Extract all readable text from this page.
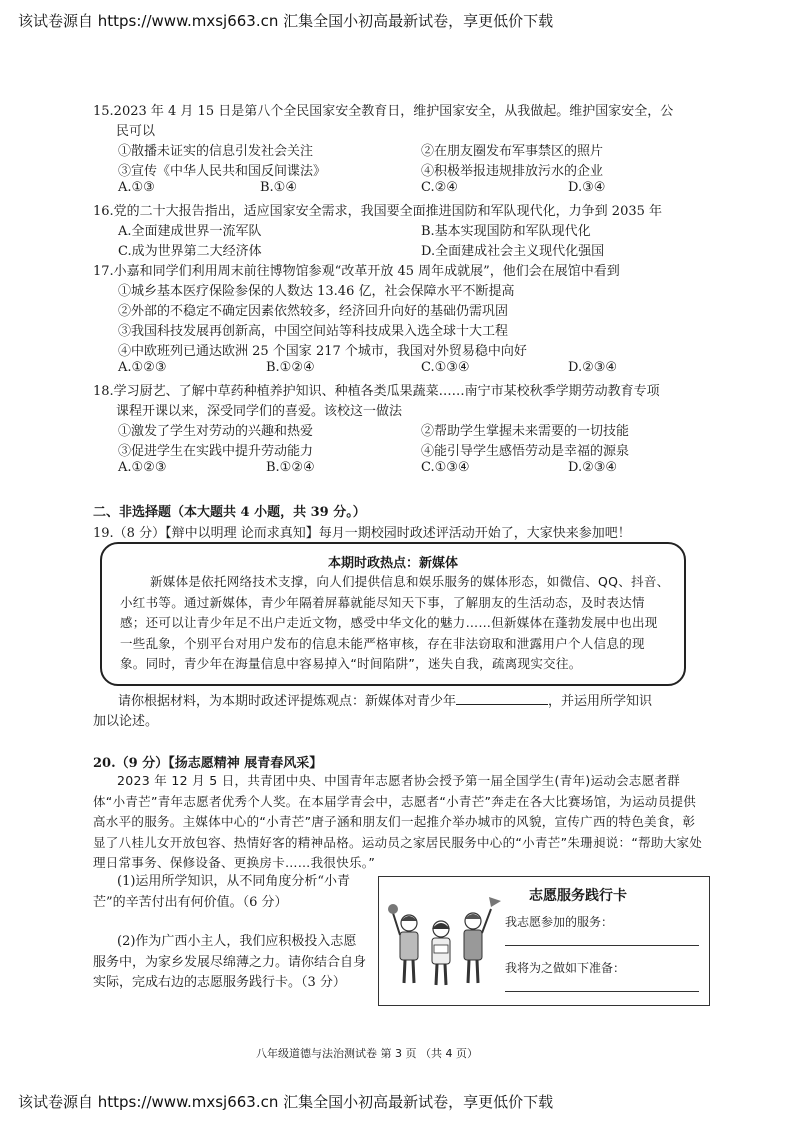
该试卷源自 https://www.mxsj663.cn 汇集全国小初高最新试卷，享更低价下载
15.2023 年 4 月 15 日是第八个全民国家安全教育日，维护国家安全，从我做起。维护国家安全，公
民可以
①散播未证实的信息引发社会关注	②在朋友圈发布军事禁区的照片
③宣传《中华人民共和国反间谍法》	④积极举报违规排放污水的企业
A.①③	B.①④	C.②④	D.③④
16.党的二十大报告指出，适应国家安全需求，我国要全面推进国防和军队现代化，力争到 2035 年
A.全面建成世界一流军队	B.基本实现国防和军队现代化
C.成为世界第二大经济体	D.全面建成社会主义现代化强国
17.小嘉和同学们利用周末前往博物馆参观“改革开放 45 周年成就展”，他们会在展馆中看到
①城乡基本医疗保险参保的人数达 13.46 亿，社会保障水平不断提高
②外部的不稳定不确定因素依然较多，经济回升向好的基础仍需巩固
③我国科技发展再创新高，中国空间站等科技成果入选全球十大工程
④中欧班列已通达欧洲 25 个国家 217 个城市，我国对外贸易稳中向好
A.①②③	B.①②④	C.①③④	D.②③④
18.学习厨艺、了解中草药种植养护知识、种植各类瓜果蔬菜……南宁市某校秋季学期劳动教育专项
课程开课以来，深受同学们的喜爱。该校这一做法
①激发了学生对劳动的兴趣和热爱	②帮助学生掌握未来需要的一切技能
③促进学生在实践中提升劳动能力	④能引导学生感悟劳动是幸福的源泉
A.①②③	B.①②④	C.①③④	D.②③④
二、非选择题（本大题共 4 小题，共 39 分。）
19.（8 分）【辩中以明理 论而求真知】每月一期校园时政述评活动开始了，大家快来参加吧！
本期时政热点：新媒体
新媒体是依托网络技术支撑，向人们提供信息和娱乐服务的媒体形态，如微信、QQ、抖音、小红书等。通过新媒体，青少年隔着屏幕就能尽知天下事，了解朋友的生活动态，及时表达情感；还可以让青少年足不出户走近文物，感受中华文化的魅力……但新媒体在蓬勃发展中也出现一些乱象，个别平台对用户发布的信息未能严格审核，存在非法窃取和泄露用户个人信息的现象。同时，青少年在海量信息中容易掉入“时间陷阱”，迷失自我，疏离现实交往。
请你根据材料，为本期时政述评提炼观点：新媒体对青少年	，并运用所学知识
加以论述。
20.（9 分）【扬志愿精神 展青春风采】
2023 年 12 月 5 日，共青团中央、中国青年志愿者协会授予第一届全国学生(青年)运动会志愿者群体“小青芒”青年志愿者优秀个人奖。在本届学青会中，志愿者“小青芒”奔走在各大比赛场馆，为运动员提供高水平的服务。主媒体中心的“小青芒”唐子涵和朋友们一起推介举办城市的风貌，宣传广西的特色美食，彰显了八桂儿女开放包容、热情好客的精神品格。运动员之家居民服务中心的“小青芒”朱珊昶说：“帮助大家处理日常事务、保修设备、更换房卡……我很快乐。”
(1)运用所学知识，从不同角度分析“小青芒”的辛苦付出有何价值。（6 分）
(2)作为广西小主人，我们应积极投入志愿服务中，为家乡发展尽绵薄之力。请你结合自身实际，完成右边的志愿服务践行卡。（3 分）
志愿服务践行卡
我志愿参加的服务：
我将为之做如下准备：
八年级道德与法治测试卷 第 3 页 （共 4 页）
该试卷源自 https://www.mxsj663.cn 汇集全国小初高最新试卷，享更低价下载
